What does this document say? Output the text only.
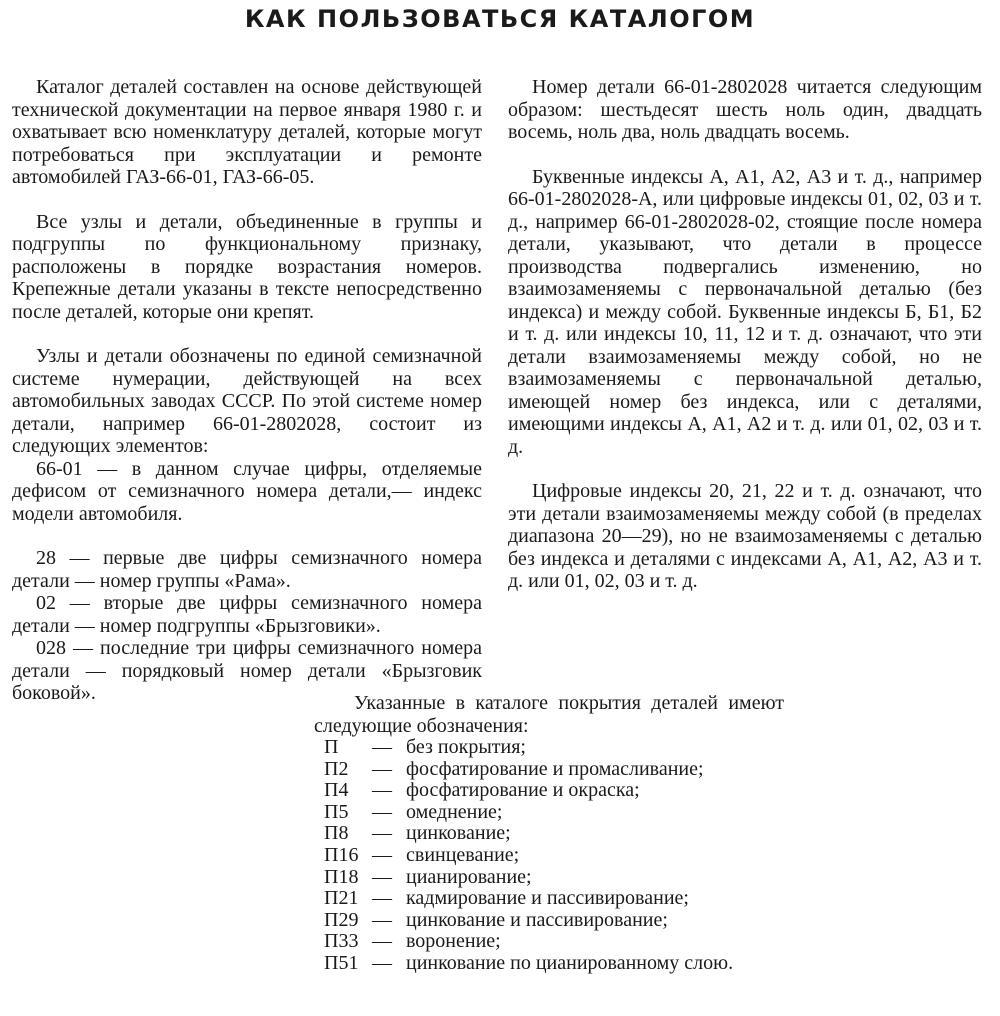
КАК ПОЛЬЗОВАТЬСЯ КАТАЛОГОМ

Каталог деталей составлен на основе действующей технической документации на первое января 1980 г. и охватывает всю номенклатуру деталей, которые могут потребоваться при эксплуатации и ремонте автомобилей ГАЗ-66-01, ГАЗ-66-05.

Все узлы и детали, объединенные в группы и подгруппы по функциональному признаку, расположены в порядке возрастания номеров. Крепежные детали указаны в тексте непосредственно после деталей, которые они крепят.

Узлы и детали обозначены по единой семизначной системе нумерации, действующей на всех автомобильных заводах СССР. По этой системе номер детали, например 66-01-2802028, состоит из следующих элементов:

66-01 — в данном случае цифры, отделяемые дефисом от семизначного номера детали,— индекс модели автомобиля.

28 — первые две цифры семизначного номера детали — номер группы «Рама».

02 — вторые две цифры семизначного номера детали — номер подгруппы «Брызговики».

028 — последние три цифры семизначного номера детали — порядковый номер детали «Брызговик боковой».

Номер детали 66-01-2802028 читается следующим образом: шестьдесят шесть ноль один, двадцать восемь, ноль два, ноль двадцать восемь.

Буквенные индексы А, А1, А2, А3 и т. д., например 66-01-2802028-А, или цифровые индексы 01, 02, 03 и т. д., например 66-01-2802028-02, стоящие после номера детали, указывают, что детали в процессе производства подвергались изменению, но взаимозаменяемы с первоначальной деталью (без индекса) и между собой. Буквенные индексы Б, Б1, Б2 и т. д. или индексы 10, 11, 12 и т. д. означают, что эти детали взаимозаменяемы между собой, но не взаимозаменяемы с первоначальной деталью, имеющей номер без индекса, или с деталями, имеющими индексы А, А1, А2 и т. д. или 01, 02, 03 и т. д.

Цифровые индексы 20, 21, 22 и т. д. означают, что эти детали взаимозаменяемы между собой (в пределах диапазона 20—29), но не взаимозаменяемы с деталью без индекса и деталями с индексами А, А1, А2, А3 и т. д. или 01, 02, 03 и т. д.

Указанные в каталоге покрытия деталей имеют следующие обозначения:

П	—	без покрытия;
П2	—	фосфатирование и промасливание;
П4	—	фосфатирование и окраска;
П5	—	омеднение;
П8	—	цинкование;
П16	—	свинцевание;
П18	—	цианирование;
П21	—	кадмирование и пассивирование;
П29	—	цинкование и пассивирование;
П33	—	воронение;
П51	—	цинкование по цианированному слою.
